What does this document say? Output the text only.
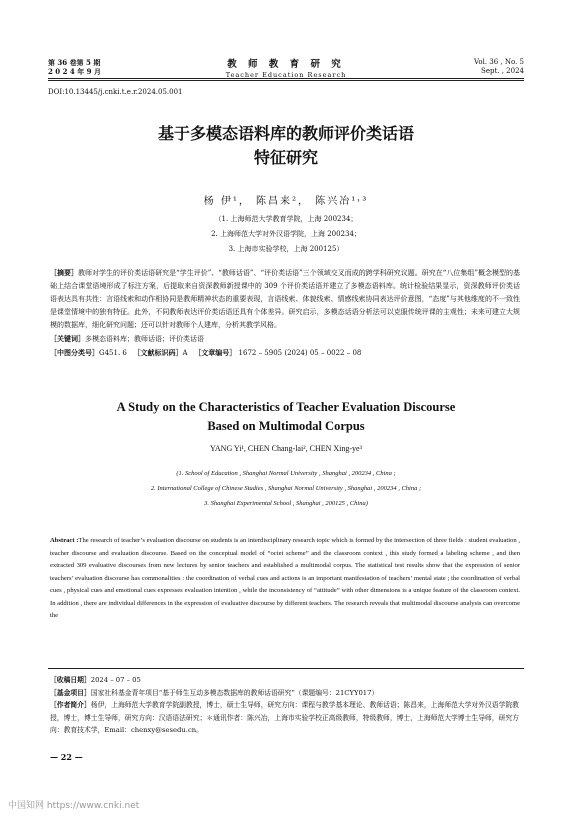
第 36 卷第 5 期
2 0 2 4 年 9 月
教 师 教 育 研 究
Teacher Education Research
Vol. 36 , No. 5
Sept. , 2024
DOI:10.13445/j.cnki.t.e.r.2024.05.001
基于多模态语料库的教师评价类话语
特征研究
杨 伊¹， 陈昌来²， 陈兴冶¹˒³
（1. 上海师范大学教育学院，上海 200234；
2. 上海师范大学对外汉语学院，上海 200234；
3. 上海市实验学校，上海 200125）
［摘要］教师对学生的评价类话语研究是“学生评价”、“教师话语”、“评价类话语”三个领域交叉而成的跨学科研究议题。研究在“八位集组”概念模型的基础上结合课堂语境形成了标注方案，后提取来自资深教师新授课中的 309 个评价类话语并建立了多模态语料库。统计检验结果显示，资深教师评价类话语表达具有共性：言语线索和动作相协同是教师精神状态的重要表现，言语线索、体貌线索、情感线索协同表达评价意图，“态度”与其他维度的不一致性是课堂情境中的独有特征。此外，不同教师表达评价类话语还具有个体差异。研究启示，多模态话语分析法可以克服传统评课的主观性；未来可建立大规模的数据库，细化研究问题；还可以针对教师个人建库，分析其教学风格。
［关键词］多模态语料库；教师话语；评价类话语
［中图分类号］G451. 6 ［文献标识码］A ［文章编号］ 1672 – 5905 (2024) 05 – 0022 – 08
A Study on the Characteristics of Teacher Evaluation Discourse
Based on Multimodal Corpus
YANG Yi¹, CHEN Chang-lai², CHEN Xing-ye³
(1. School of Education , Shanghai Normal University , Shanghai , 200234 , China ;
2. International College of Chinese Studies , Shanghai Normal University , Shanghai , 200234 , China ;
3. Shanghai Experimental School , Shanghai , 200125 , China)
Abstract :The research of teacher’s evaluation discourse on students is an interdisciplinary research topic which is formed by the intersection of three fields : student evaluation , teacher discourse and evaluation discourse. Based on the conceptual model of “octet scheme” and the classroom context , this study formed a labeling scheme , and then extracted 309 evaluative discourses from new lectures by senior teachers and established a multimodal corpus. The statistical test results show that the expression of senior teachers’ evaluation discourse has commonalities : the coordination of verbal cues and actions is an important manifestation of teachers’ mental state ; the coordination of verbal cues , physical cues and emotional cues expresses evaluation intention , while the inconsistency of “attitude” with other dimensions is a unique feature of the classroom context. In addition , there are individual differences in the expression of evaluative discourse by different teachers. The research reveals that multimodal discourse analysis can overcome the
［收稿日期］2024 – 07 – 05
［基金项目］国家社科基金青年项目“基于师生互动多模态数据库的教师话语研究”（课题编号：21CYY017）
［作者简介］杨伊，上海师范大学教育学院副教授，博士，硕士生导师，研究方向：课程与教学基本理论、教师话语；陈昌来，上海师范大学对外汉语学院教授，博士，博士生导师，研究方向：汉语语法研究；＊通讯作者：陈兴冶，上海市实验学校正高级教师，特级教师，博士，上海师范大学博士生导师，研究方向：教育技术学，Email：chenxy@sesedu.cn。
— 22 —
中国知网 https://www.cnki.net
